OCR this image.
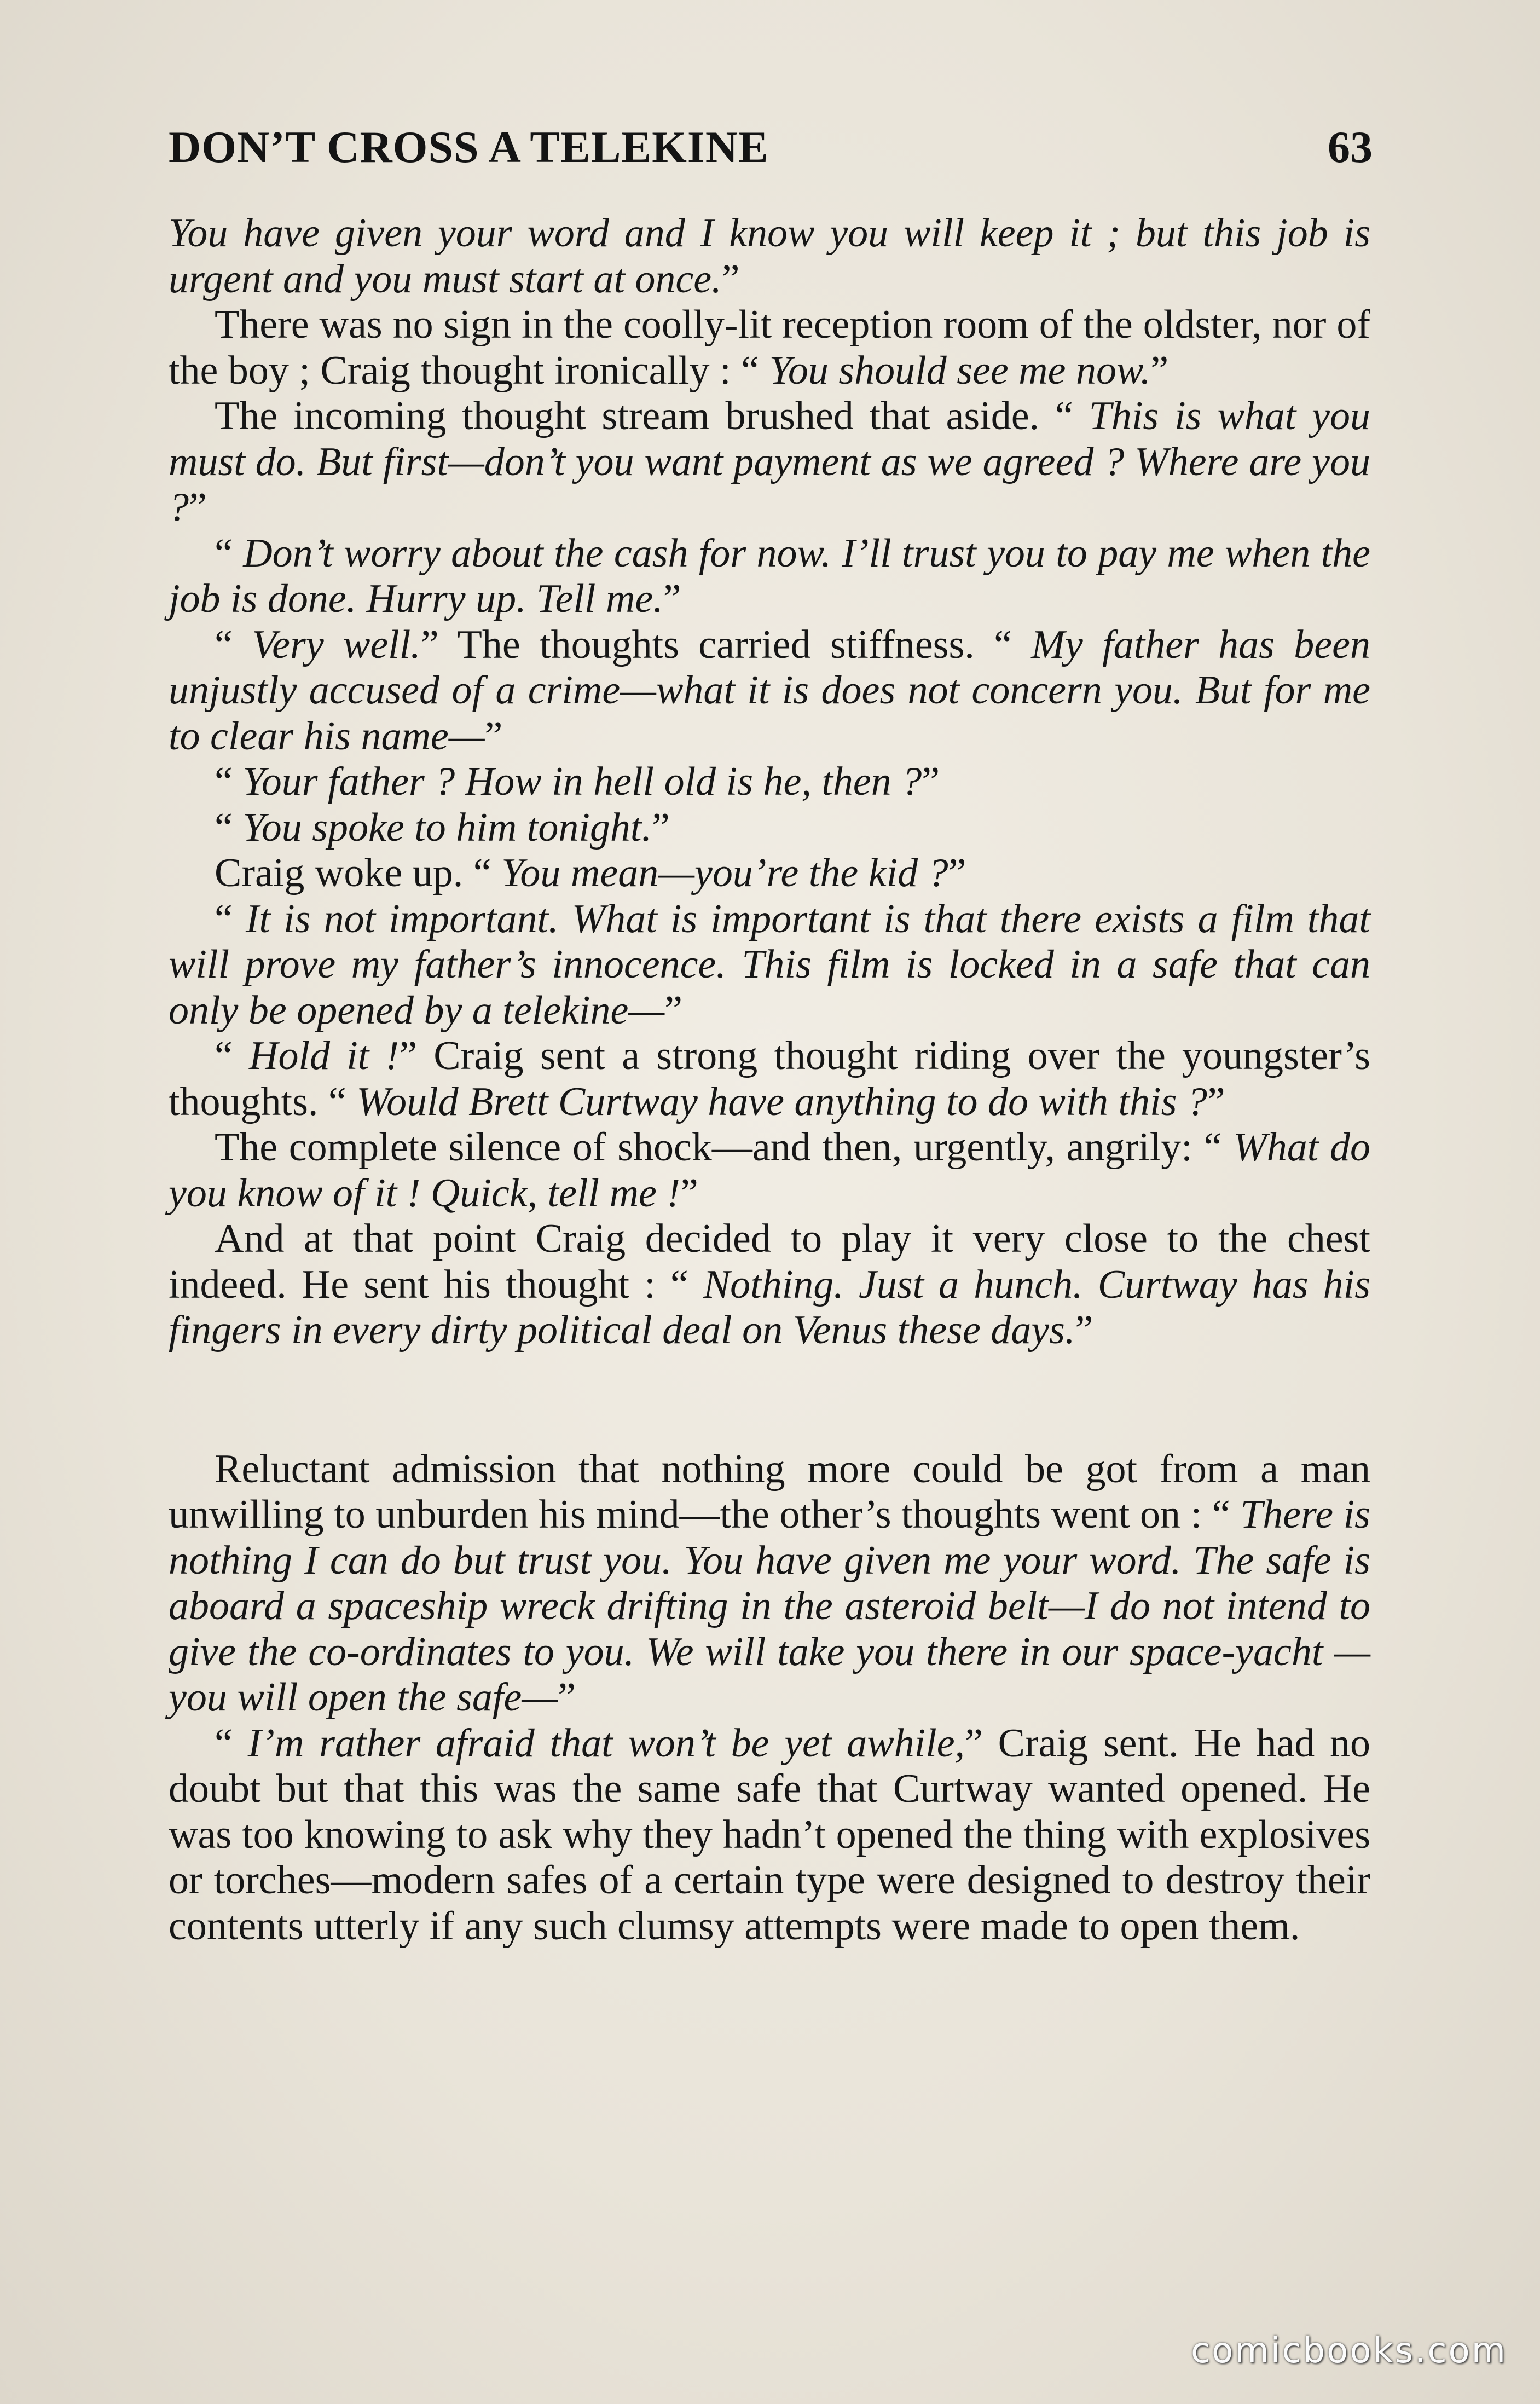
DON’T CROSS A TELEKINE	63

You have given your word and I know you will keep it ; but this job is urgent and you must start at once.”

There was no sign in the coolly-lit reception room of the oldster, nor of the boy ; Craig thought ironically : “ You should see me now.”

The incoming thought stream brushed that aside. “ This is what you must do. But first—don’t you want payment as we agreed ? Where are you ?”

“ Don’t worry about the cash for now. I’ll trust you to pay me when the job is done. Hurry up. Tell me.”

“ Very well.” The thoughts carried stiffness. “ My father has been unjustly accused of a crime—what it is does not concern you. But for me to clear his name—”

“ Your father ? How in hell old is he, then ?”

“ You spoke to him tonight.”

Craig woke up. “ You mean—you’re the kid ?”

“ It is not important. What is important is that there exists a film that will prove my father’s innocence. This film is locked in a safe that can only be opened by a telekine—”

“ Hold it !” Craig sent a strong thought riding over the youngster’s thoughts. “ Would Brett Curtway have anything to do with this ?”

The complete silence of shock—and then, urgently, angrily: “ What do you know of it ! Quick, tell me !”

And at that point Craig decided to play it very close to the chest indeed. He sent his thought : “ Nothing. Just a hunch. Curtway has his fingers in every dirty political deal on Venus these days.”

Reluctant admission that nothing more could be got from a man unwilling to unburden his mind—the other’s thoughts went on : “ There is nothing I can do but trust you. You have given me your word. The safe is aboard a spaceship wreck drifting in the asteroid belt—I do not intend to give the co-ordinates to you. We will take you there in our space-yacht —you will open the safe—”

“ I’m rather afraid that won’t be yet awhile,” Craig sent. He had no doubt but that this was the same safe that Curtway wanted opened. He was too knowing to ask why they hadn’t opened the thing with explosives or torches—modern safes of a certain type were designed to destroy their contents utterly if any such clumsy attempts were made to open them.

comicbooks.com
